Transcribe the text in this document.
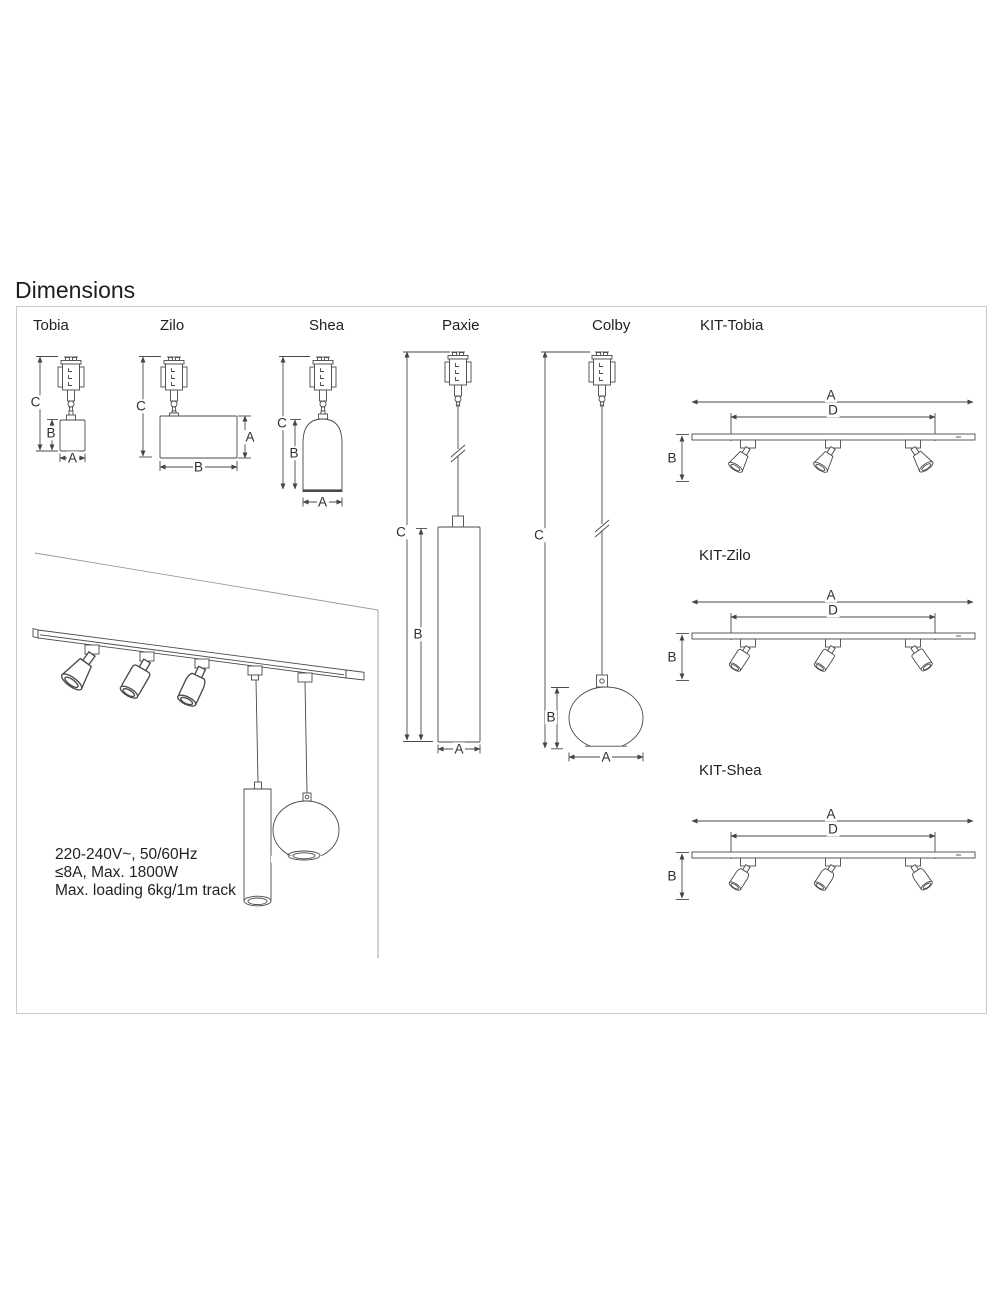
Dimensions
Tobia	Zilo	Shea	Paxie	Colby	KIT-Tobia
KIT-Zilo
KIT-Shea
C
B
A
C
A
B
C
B
A
C
B
A
C
B
A
A
D
B
A
D
B
A
D
B
220-240V~, 50/60Hz
≤8A, Max. 1800W
Max. loading 6kg/1m track
